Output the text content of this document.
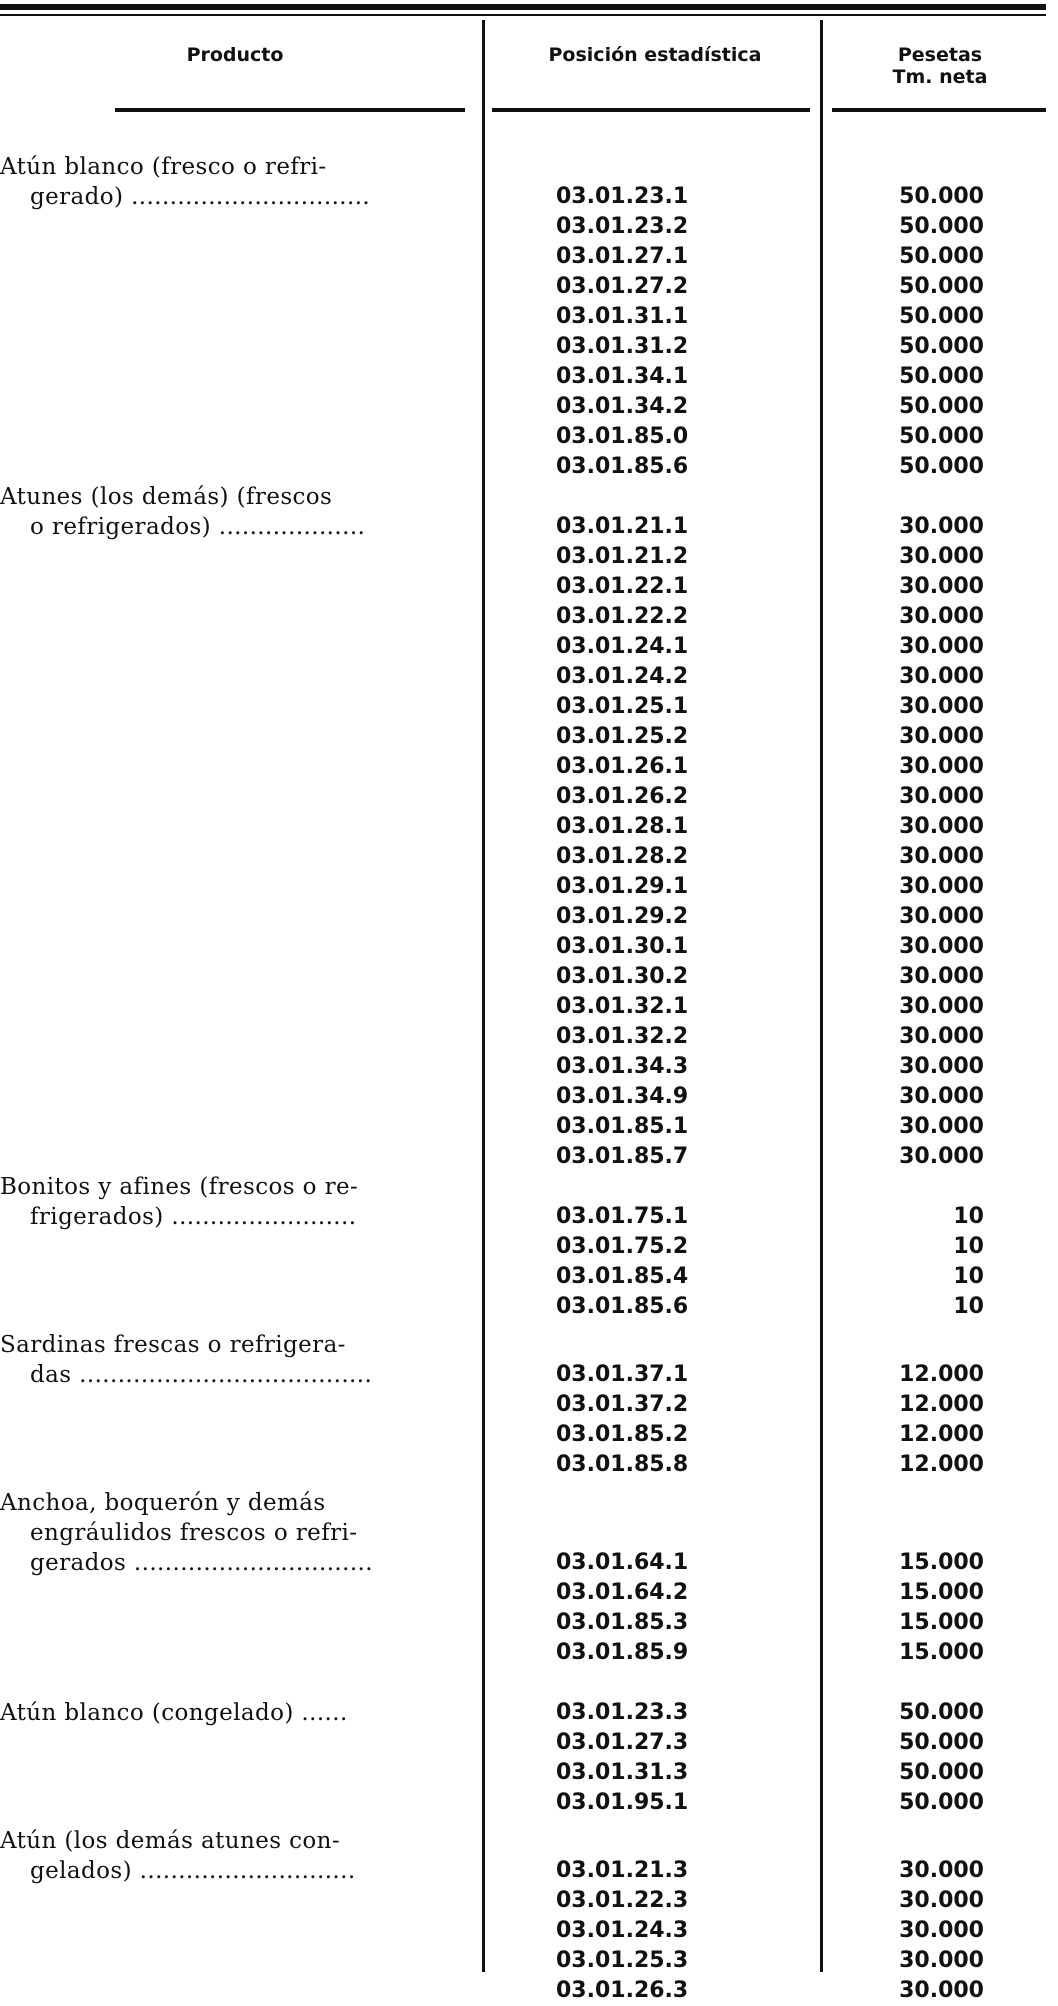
Producto	Posición estadística	Pesetas
Tm. neta
Atún blanco (fresco o refri-
gerado) ...............................	03.01.23.1	50.000
03.01.23.2	50.000
03.01.27.1	50.000
03.01.27.2	50.000
03.01.31.1	50.000
03.01.31.2	50.000
03.01.34.1	50.000
03.01.34.2	50.000
03.01.85.0	50.000
03.01.85.6	50.000
Atunes (los demás) (frescos
o refrigerados) ...................	03.01.21.1	30.000
03.01.21.2	30.000
03.01.22.1	30.000
03.01.22.2	30.000
03.01.24.1	30.000
03.01.24.2	30.000
03.01.25.1	30.000
03.01.25.2	30.000
03.01.26.1	30.000
03.01.26.2	30.000
03.01.28.1	30.000
03.01.28.2	30.000
03.01.29.1	30.000
03.01.29.2	30.000
03.01.30.1	30.000
03.01.30.2	30.000
03.01.32.1	30.000
03.01.32.2	30.000
03.01.34.3	30.000
03.01.34.9	30.000
03.01.85.1	30.000
03.01.85.7	30.000
Bonitos y afines (frescos o re-
frigerados) ........................	03.01.75.1	10
03.01.75.2	10
03.01.85.4	10
03.01.85.6	10
Sardinas frescas o refrigera-
das ......................................	03.01.37.1	12.000
03.01.37.2	12.000
03.01.85.2	12.000
03.01.85.8	12.000
Anchoa, boquerón y demás
engráulidos frescos o refri-
gerados ...............................	03.01.64.1	15.000
03.01.64.2	15.000
03.01.85.3	15.000
03.01.85.9	15.000
Atún blanco (congelado) ......	03.01.23.3	50.000
03.01.27.3	50.000
03.01.31.3	50.000
03.01.95.1	50.000
Atún (los demás atunes con-
gelados) ............................	03.01.21.3	30.000
03.01.22.3	30.000
03.01.24.3	30.000
03.01.25.3	30.000
03.01.26.3	30.000
